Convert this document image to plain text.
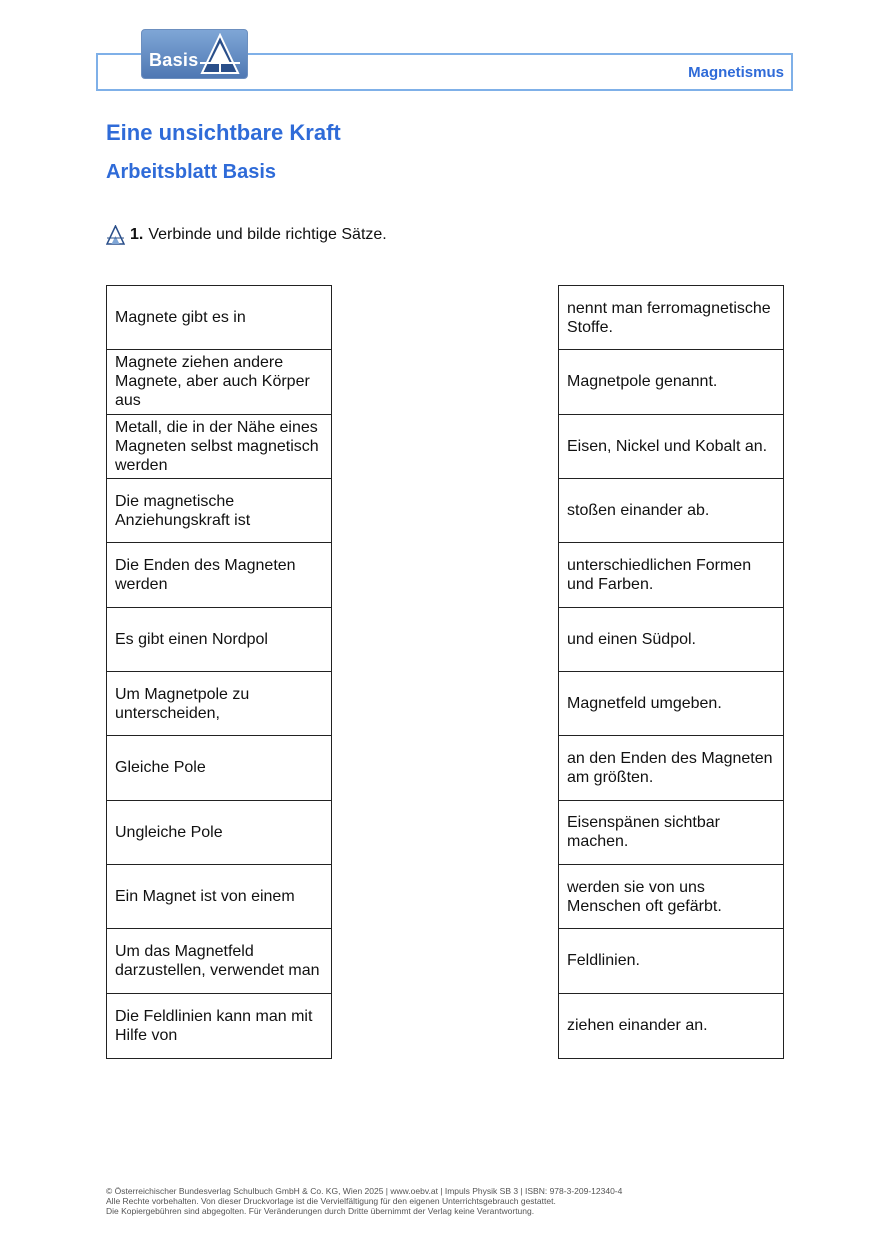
Basis
Magnetismus
Eine unsichtbare Kraft
Arbeitsblatt Basis
1. Verbinde und bilde richtige Sätze.
Magnete gibt es in
Magnete ziehen andere Magnete, aber auch Körper aus
Metall, die in der Nähe eines Magneten selbst magnetisch werden
Die magnetische Anziehungskraft ist
Die Enden des Magneten werden
Es gibt einen Nordpol
Um Magnetpole zu unterscheiden,
Gleiche Pole
Ungleiche Pole
Ein Magnet ist von einem
Um das Magnetfeld darzustellen, verwendet man
Die Feldlinien kann man mit Hilfe von
nennt man ferromagnetische Stoffe.
Magnetpole genannt.
Eisen, Nickel und Kobalt an.
stoßen einander ab.
unterschiedlichen Formen und Farben.
und einen Südpol.
Magnetfeld umgeben.
an den Enden des Magneten am größten.
Eisenspänen sichtbar machen.
werden sie von uns Menschen oft gefärbt.
Feldlinien.
ziehen einander an.
© Österreichischer Bundesverlag Schulbuch GmbH & Co. KG, Wien 2025 | www.oebv.at | Impuls Physik SB 3 | ISBN: 978-3-209-12340-4
Alle Rechte vorbehalten. Von dieser Druckvorlage ist die Vervielfältigung für den eigenen Unterrichtsgebrauch gestattet.
Die Kopiergebühren sind abgegolten. Für Veränderungen durch Dritte übernimmt der Verlag keine Verantwortung.
